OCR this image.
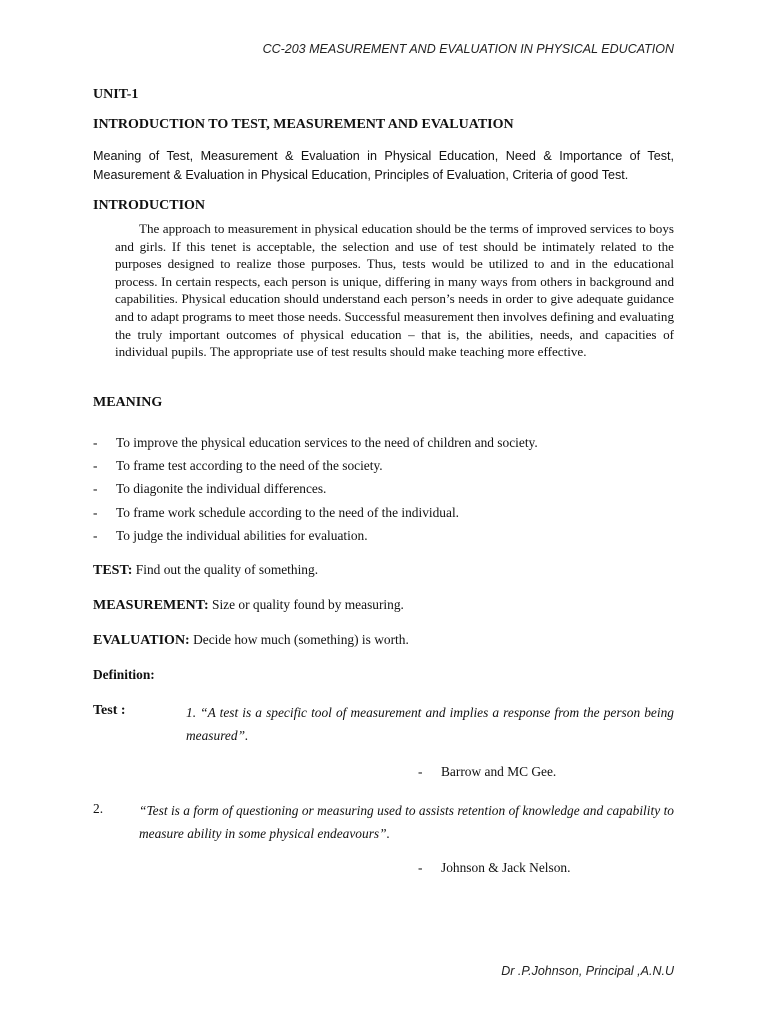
CC-203 MEASUREMENT AND EVALUATION IN PHYSICAL EDUCATION
UNIT-1
INTRODUCTION TO TEST, MEASUREMENT AND EVALUATION
Meaning of Test, Measurement & Evaluation in Physical Education, Need & Importance of Test, Measurement & Evaluation in Physical Education, Principles of Evaluation, Criteria of good Test.
INTRODUCTION
The approach to measurement in physical education should be the terms of improved services to boys and girls. If this tenet is acceptable, the selection and use of test should be intimately related to the purposes designed to realize those purposes. Thus, tests would be utilized to and in the educational process. In certain respects, each person is unique, differing in many ways from others in background and capabilities. Physical education should understand each person’s needs in order to give adequate guidance and to adapt programs to meet those needs. Successful measurement then involves defining and evaluating the truly important outcomes of physical education – that is, the abilities, needs, and capacities of individual pupils. The appropriate use of test results should make teaching more effective.
MEANING
- To improve the physical education services to the need of children and society.
- To frame test according to the need of the society.
- To diagonite the individual differences.
- To frame work schedule according to the need of the individual.
- To judge the individual abilities for evaluation.
TEST: Find out the quality of something.
MEASUREMENT: Size or quality found by measuring.
EVALUATION: Decide how much (something) is worth.
Definition:
Test :	1. “A test is a specific tool of measurement and implies a response from the person being measured”.
- Barrow and MC Gee.
2.	“Test is a form of questioning or measuring used to assists retention of knowledge and capability to measure ability in some physical endeavours”.
- Johnson & Jack Nelson.
Dr .P.Johnson, Principal ,A.N.U
